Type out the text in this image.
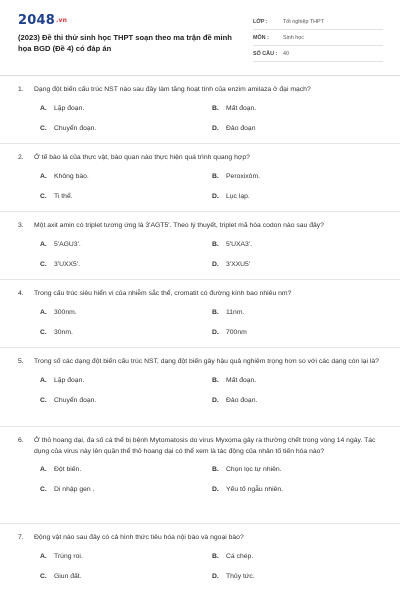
2048.vn
(2023) Đề thi thử sinh học THPT soạn theo ma trận đề minh họa BGD (Đề 4) có đáp án
LỚP :	Tốt nghiệp THPT
MÔN :	Sinh học
SỐ CÂU :	40
1.	Dạng đột biến cấu trúc NST nào sau đây làm tăng hoạt tính của enzim amilaza ở đại mạch?
A. Lặp đoạn.	B. Mất đoạn.
C. Chuyển đoạn.	D. Đảo đoạn
2.	Ở tế bào lá của thực vật, bào quan nào thực hiện quá trình quang hợp?
A. Không bào.	B. Peroxixôm.
C. Ti thể.	D. Lục lạp.
3.	Một axit amin có triplet tương ứng là 3'AGT5'. Theo lý thuyết, triplet mã hóa codon nào sau đây?
A. 5'AGU3'.	B. 5'UXA3'.
C. 3'UXX5'.	D. 3'XXU5'
4.	Trong cấu trúc siêu hiển vi của nhiễm sắc thể, cromatit có đường kính bao nhiêu nm?
A. 300nm.	B. 11nm.
C. 30nm.	D. 700nm
5.	Trong số các dạng đột biến cấu trúc NST, dạng đột biến gây hậu quả nghiêm trọng hơn so với các dạng còn lại là?
A. Lặp đoạn.	B. Mất đoạn.
C. Chuyển đoạn.	D. Đảo đoạn.
6.	Ở thỏ hoang dại, đa số cá thể bị bệnh Mytomatosis do virus Myxoma gây ra thường chết trong vòng 14 ngày. Tác dụng của virus này lên quần thể thỏ hoang dại có thể xem là tác động của nhân tố tiến hóa nào?
A. Đột biến.	B. Chọn lọc tự nhiên.
C. Di nhập gen .	D. Yếu tố ngẫu nhiên.
7.	Động vật nào sau đây có cả hình thức tiêu hóa nội bào và ngoại bào?
A. Trùng roi.	B. Cá chép.
C. Giun đất.	D. Thủy tức.
